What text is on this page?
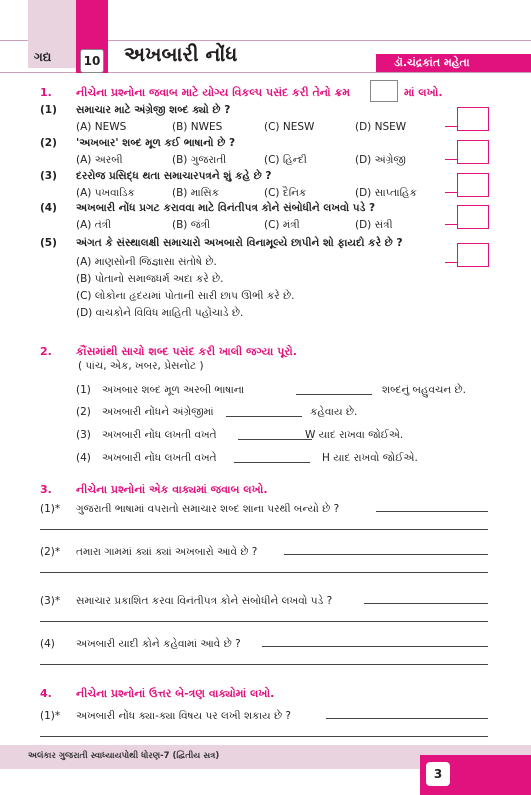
ગદ્ય	10 અખબારી નોંધ	ડૉ.ચંદ્રકાંત મહેતા
1. નીચેના પ્રશ્નોના જવાબ માટે યોગ્ય વિકલ્પ પસંદ કરી તેનો ક્રમ	માં લખો.
(1) સમાચાર માટે અંગ્રેજી શબ્દ ક્યો છે ?
(A) NEWS	(B) NWES	(C) NESW	(D) NSEW
(2) 'અખબાર' શબ્દ મૂળ કઈ ભાષાનો છે ?
(A) અરબી	(B) ગુજરાતી	(C) હિન્દી	(D) અંગ્રેજી
(3) દરરોજ પ્રસિદ્ધ થતા સમાચારપત્રને શું કહે છે ?
(A) પખવાડિક	(B) માસિક	(C) દૈનિક	(D) સાપ્તાહિક
(4) અખબારી નોંધ પ્રગટ કરાવવા માટે વિનંતીપત્ર કોને સંબોધીને લખવો પડે ?
(A) તંત્રી	(B) જંત્રી	(C) મંત્રી	(D) સંત્રી
(5) અંગત કે સંસ્થાલક્ષી સમાચારો અખબારો વિનામૂલ્યે છાપીને શો ફાયદો કરે છે ?
(A) માણસોની જિજ્ઞાસા સંતોષે છે.
(B) પોતાનો સમાજધર્મ અદા કરે છે.
(C) લોકોના હૃદયમાં પોતાની સારી છાપ ઊભી કરે છે.
(D) વાચકોને વિવિધ માહિતી પહોંચાડે છે.
2. કૌંસમાંથી સાચો શબ્દ પસંદ કરી ખાલી જગ્યા પૂરો.
( પાંચ, એક, ખબર, પ્રેસનોટ )
(1) અખબાર શબ્દ મૂળ અરબી ભાષાના	શબ્દનું બહુવચન છે.
(2) અખબારી નોંધને અંગ્રેજીમાં	કહેવાય છે.
(3) અખબારી નોંધ લખતી વખતે	W યાદ રાખવા જોઈએ.
(4) અખબારી નોંધ લખતી વખતે	H યાદ રાખવો જોઈએ.
3. નીચેના પ્રશ્નોનાં એક વાક્યમાં જવાબ લખો.
(1)* ગુજરાતી ભાષામાં વપરાતો સમાચાર શબ્દ શાના પરથી બન્યો છે ?
(2)* તમારા ગામમાં ક્યાં ક્યાં અખબારો આવે છે ?
(3)* સમાચાર પ્રકાશિત કરવા વિનંતીપત્ર કોને સંબોધીને લખવો પડે ?
(4) અખબારી યાદી કોને કહેવામાં આવે છે ?
4. નીચેના પ્રશ્નોનાં ઉત્તર બે-ત્રણ વાક્યોમાં લખો.
(1)* અખબારી નોંધ ક્યા-ક્યા વિષય પર લખી શકાય છે ?
અલંકાર ગુજરાતી સ્વાધ્યાયપોથી ધોરણ-7 (દ્વિતીય સત્ર)
3
